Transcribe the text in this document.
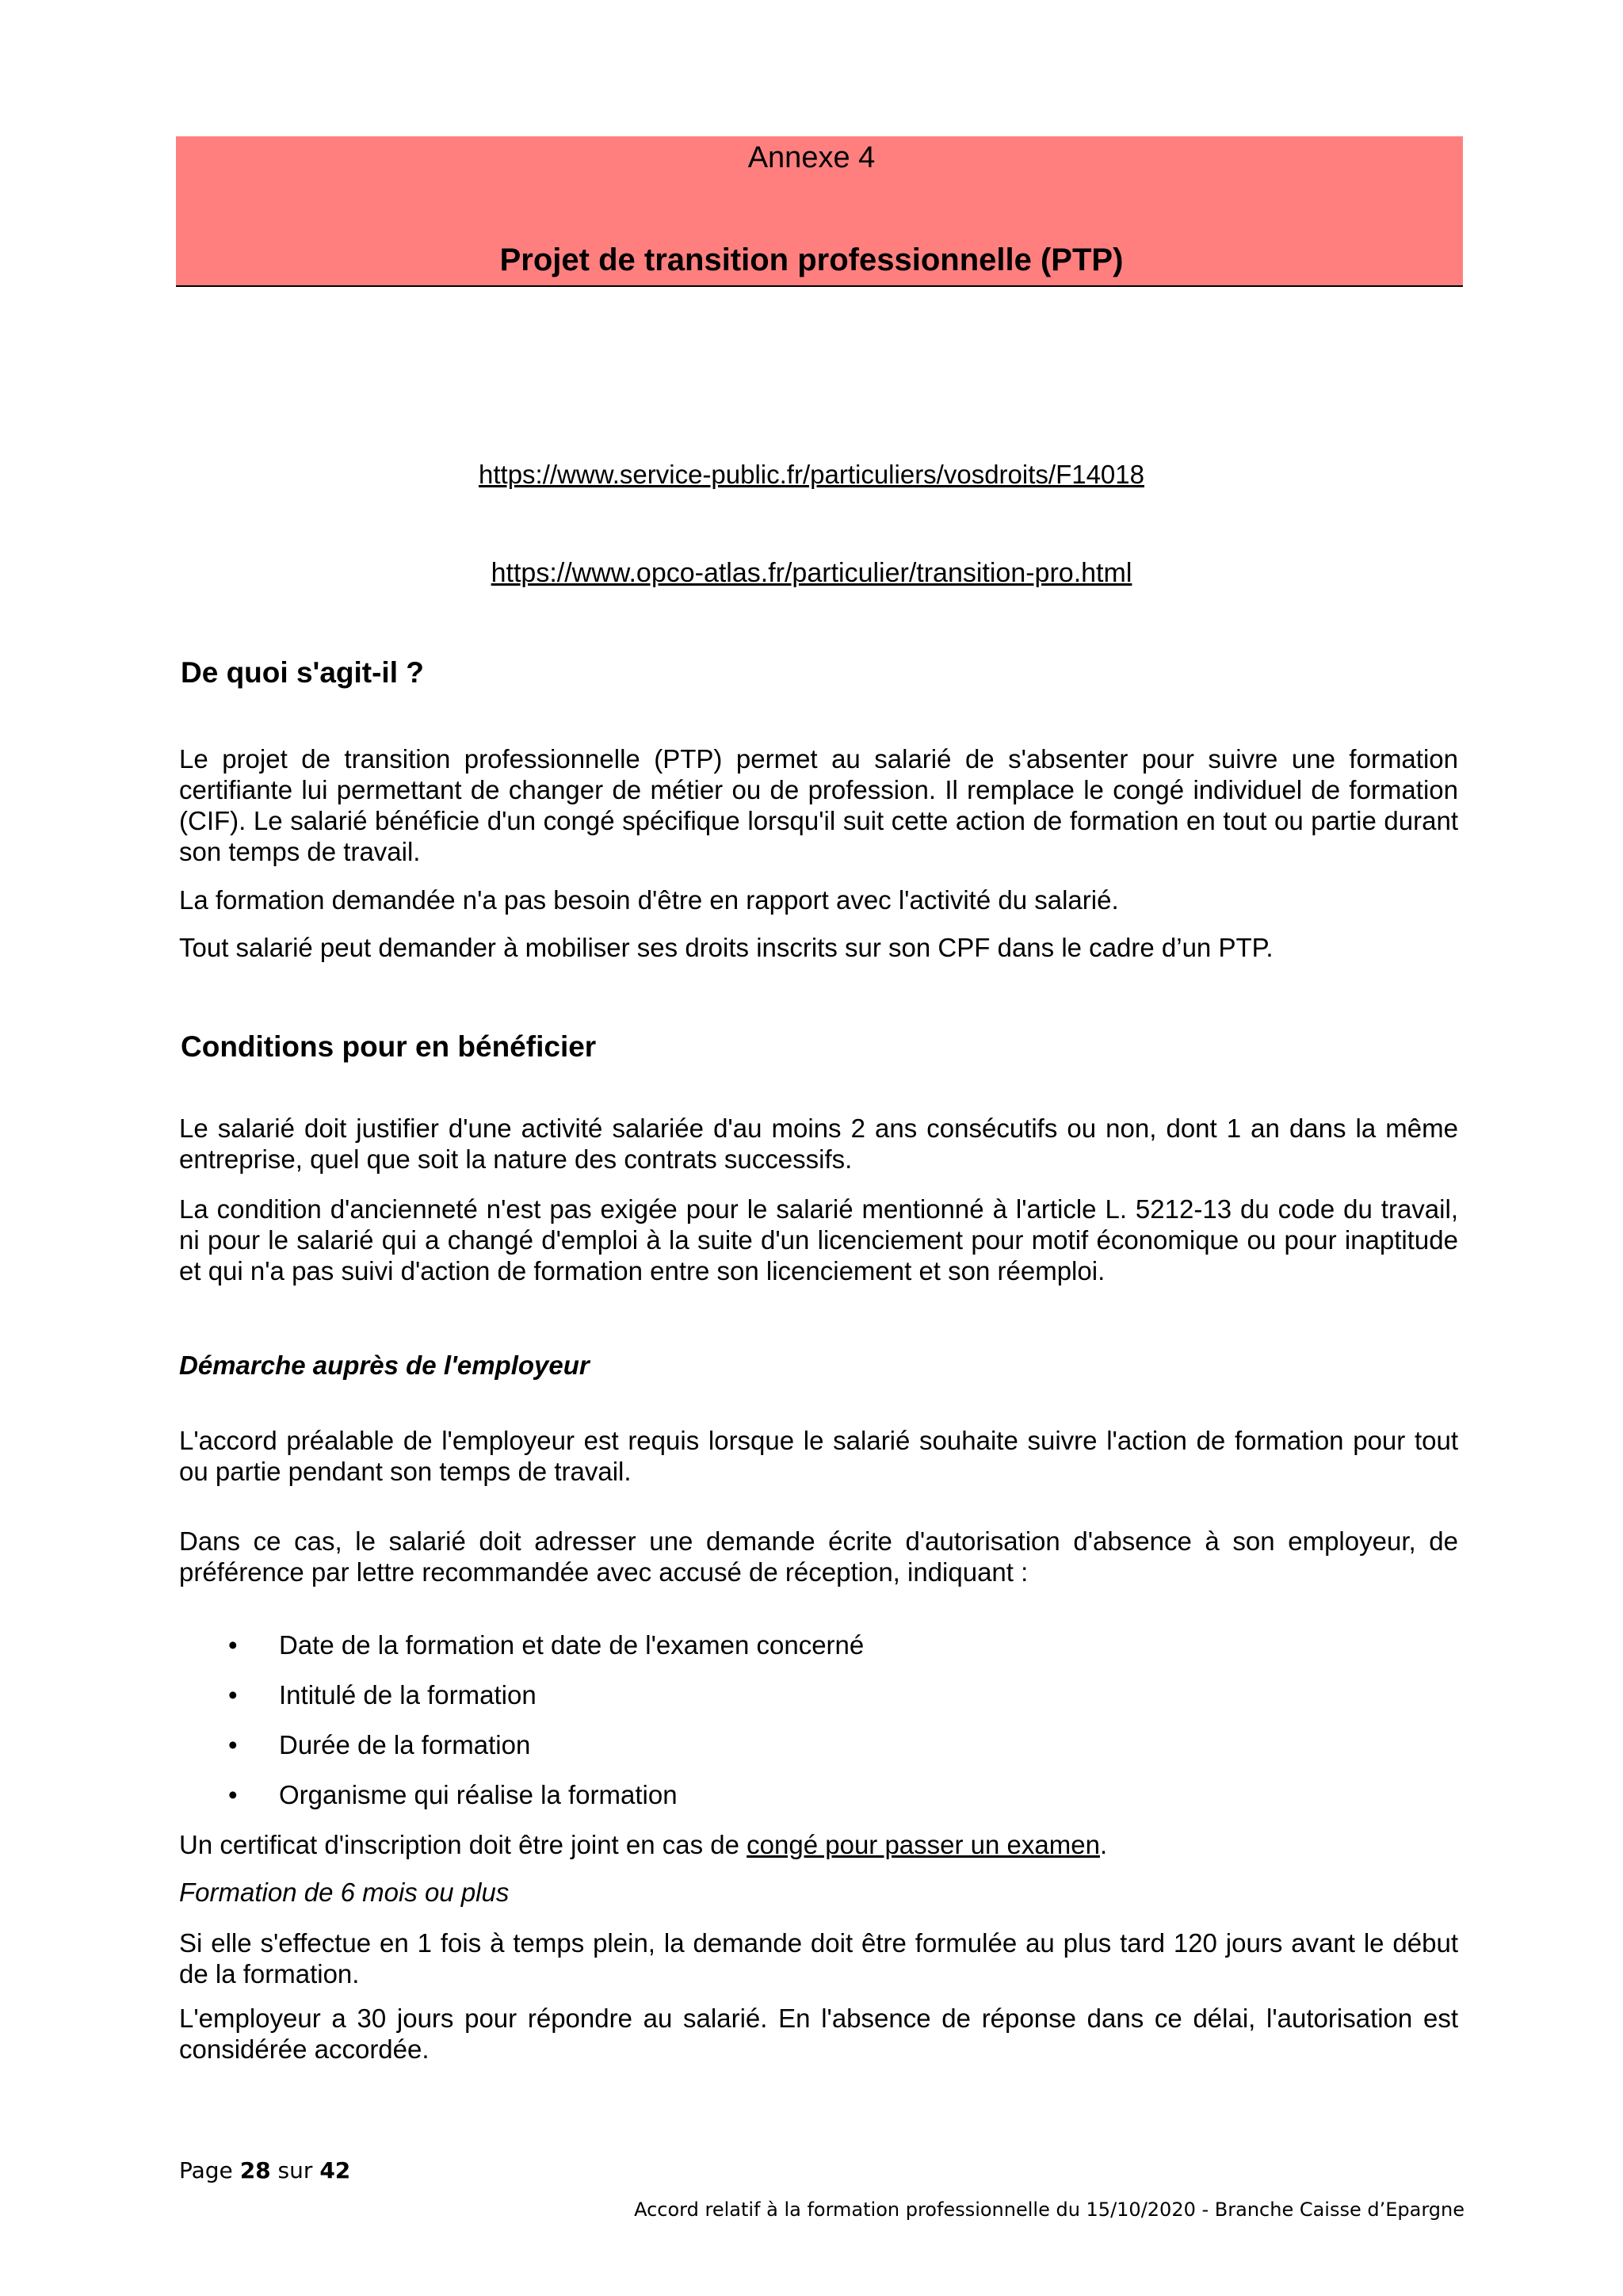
Annexe 4
Projet de transition professionnelle (PTP)
https://www.service-public.fr/particuliers/vosdroits/F14018
https://www.opco-atlas.fr/particulier/transition-pro.html
De quoi s'agit-il ?

Le projet de transition professionnelle (PTP) permet au salarié de s'absenter pour suivre une formation certifiante lui permettant de changer de métier ou de profession. Il remplace le congé individuel de formation (CIF). Le salarié bénéficie d'un congé spécifique lorsqu'il suit cette action de formation en tout ou partie durant son temps de travail.

La formation demandée n'a pas besoin d'être en rapport avec l'activité du salarié.

Tout salarié peut demander à mobiliser ses droits inscrits sur son CPF dans le cadre d’un PTP.

Conditions pour en bénéficier

Le salarié doit justifier d'une activité salariée d'au moins 2 ans consécutifs ou non, dont 1 an dans la même entreprise, quel que soit la nature des contrats successifs.

La condition d'ancienneté n'est pas exigée pour le salarié mentionné à l'article L. 5212-13 du code du travail, ni pour le salarié qui a changé d'emploi à la suite d'un licenciement pour motif économique ou pour inaptitude et qui n'a pas suivi d'action de formation entre son licenciement et son réemploi.

Démarche auprès de l'employeur

L'accord préalable de l'employeur est requis lorsque le salarié souhaite suivre l'action de formation pour tout ou partie pendant son temps de travail.

Dans ce cas, le salarié doit adresser une demande écrite d'autorisation d'absence à son employeur, de préférence par lettre recommandée avec accusé de réception, indiquant :

• Date de la formation et date de l'examen concerné
• Intitulé de la formation
• Durée de la formation
• Organisme qui réalise la formation

Un certificat d'inscription doit être joint en cas de congé pour passer un examen.

Formation de 6 mois ou plus

Si elle s'effectue en 1 fois à temps plein, la demande doit être formulée au plus tard 120 jours avant le début de la formation.

L'employeur a 30 jours pour répondre au salarié. En l'absence de réponse dans ce délai, l'autorisation est considérée accordée.

Page 28 sur 42
Accord relatif à la formation professionnelle du 15/10/2020 - Branche Caisse d’Epargne
